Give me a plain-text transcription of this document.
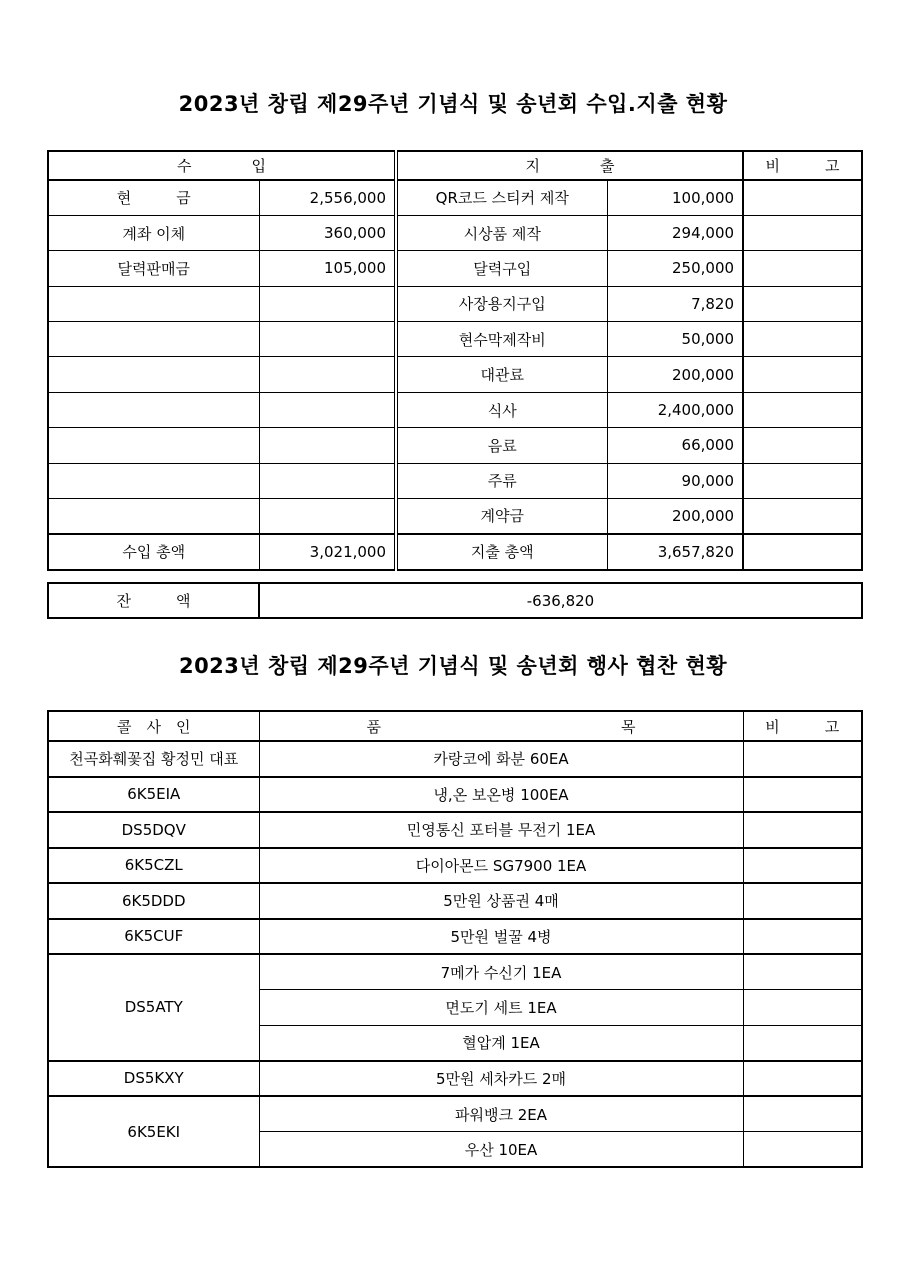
2023년 창립 제29주년 기념식 및 송년회 수입.지출 현황
수　　　　입		지　　　　출		비　　　고
현　　　금	2,556,000	QR코드 스티커 제작	100,000	
계좌 이체	360,000	시상품 제작	294,000	
달력판매금	105,000	달력구입	250,000	
		사장용지구입	7,820	
		현수막제작비	50,000	
		대관료	200,000	
		식사	2,400,000	
		음료	66,000	
		주류	90,000	
		계약금	200,000	
수입 총액	3,021,000	지출 총액	3,657,820	
잔　　　액	-636,820
2023년 창립 제29주년 기념식 및 송년회 행사 협찬 현황
콜　사　인	품　　　　　　　　　　　　　　　　목	비　　　고
천곡화훼꽃집 황정민 대표	카랑코에 화분 60EA	
6K5EIA	냉,온 보온병 100EA	
DS5DQV	민영통신 포터블 무전기 1EA	
6K5CZL	다이아몬드 SG7900 1EA	
6K5DDD	5만원 상품권 4매	
6K5CUF	5만원 벌꿀 4병	
DS5ATY	7메가 수신기 1EA	
	면도기 세트 1EA	
	혈압계 1EA	
DS5KXY	5만원 세차카드 2매	
6K5EKI	파워뱅크 2EA	
	우산 10EA	
